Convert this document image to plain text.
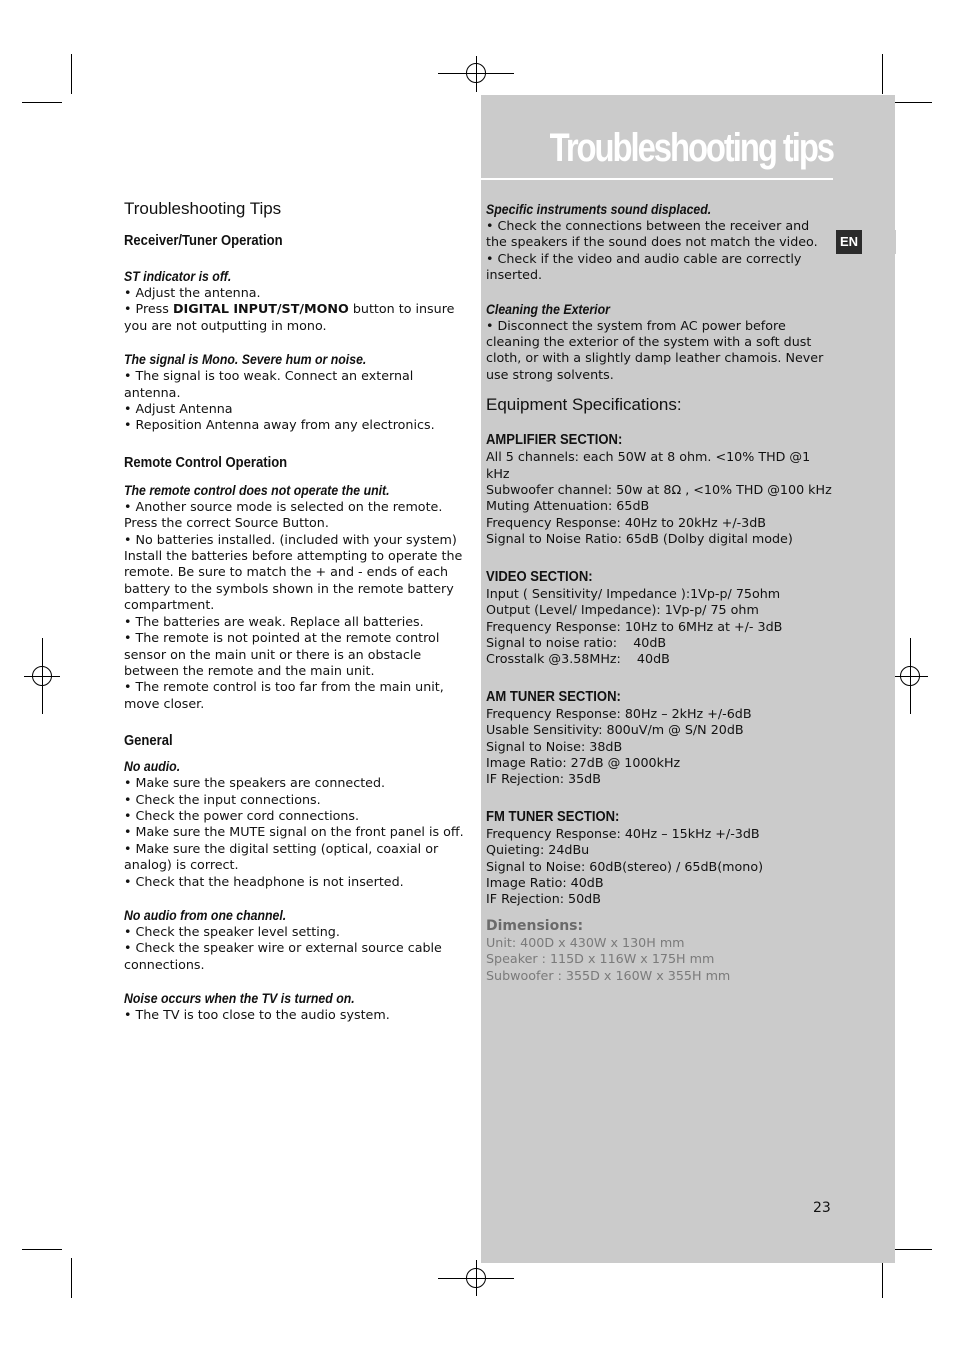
Troubleshooting tips
EN
Troubleshooting Tips
Receiver/Tuner Operation
ST indicator is off.

• Adjust the antenna.

• Press DIGITAL INPUT/ST/MONO button to insure you are not outputting in mono.

The signal is Mono. Severe hum or noise.

• The signal is too weak. Connect an external antenna.

• Adjust Antenna

• Reposition Antenna away from any electronics.

Remote Control Operation
The remote control does not operate the unit.

• Another source mode is selected on the remote. Press the correct Source Button.

• No batteries installed. (included with your system) Install the batteries before attempting to operate the remote. Be sure to match the + and - ends of each battery to the symbols shown in the remote battery compartment.

• The batteries are weak. Replace all batteries.

• The remote is not pointed at the remote control sensor on the main unit or there is an obstacle between the remote and the main unit.

• The remote control is too far from the main unit, move closer.

General
No audio.

• Make sure the speakers are connected.

• Check the input connections.

• Check the power cord connections.

• Make sure the MUTE signal on the front panel is off.

• Make sure the digital setting (optical, coaxial or analog) is correct.

• Check that the headphone is not inserted.

No audio from one channel.

• Check the speaker level setting.

• Check the speaker wire or external source cable connections.

Noise occurs when the TV is turned on.

• The TV is too close to the audio system.

Specific instruments sound displaced.

• Check the connections between the receiver and the speakers if the sound does not match the video.

• Check if the video and audio cable are correctly inserted.

Cleaning the Exterior

• Disconnect the system from AC power before cleaning the exterior of the system with a soft dust cloth, or with a slightly damp leather chamois. Never use strong solvents.

Equipment Specifications:
AMPLIFIER SECTION:

All 5 channels: each 50W at 8 ohm. <10% THD @1 kHz

Subwoofer channel: 50w at 8Ω , <10% THD @100 kHz

Muting Attenuation: 65dB

Frequency Response: 40Hz to 20kHz +/-3dB

Signal to Noise Ratio: 65dB (Dolby digital mode)

VIDEO SECTION:

Input ( Sensitivity/ Impedance ):1Vp-p/ 75ohm

Output (Level/ Impedance): 1Vp-p/ 75 ohm

Frequency Response: 10Hz to 6MHz at +/- 3dB

Signal to noise ratio:    40dB

Crosstalk @3.58MHz:    40dB

AM TUNER SECTION:

Frequency Response: 80Hz – 2kHz +/-6dB

Usable Sensitivity: 800uV/m @ S/N 20dB

Signal to Noise: 38dB

Image Ratio: 27dB @ 1000kHz

IF Rejection: 35dB

FM TUNER SECTION:

Frequency Response: 40Hz – 15kHz +/-3dB

Quieting: 24dBu

Signal to Noise: 60dB(stereo) / 65dB(mono)

Image Ratio: 40dB

IF Rejection: 50dB

Dimensions:

Unit: 400D x 430W x 130H mm

Speaker : 115D x 116W x 175H mm

Subwoofer : 355D x 160W x 355H mm

23
